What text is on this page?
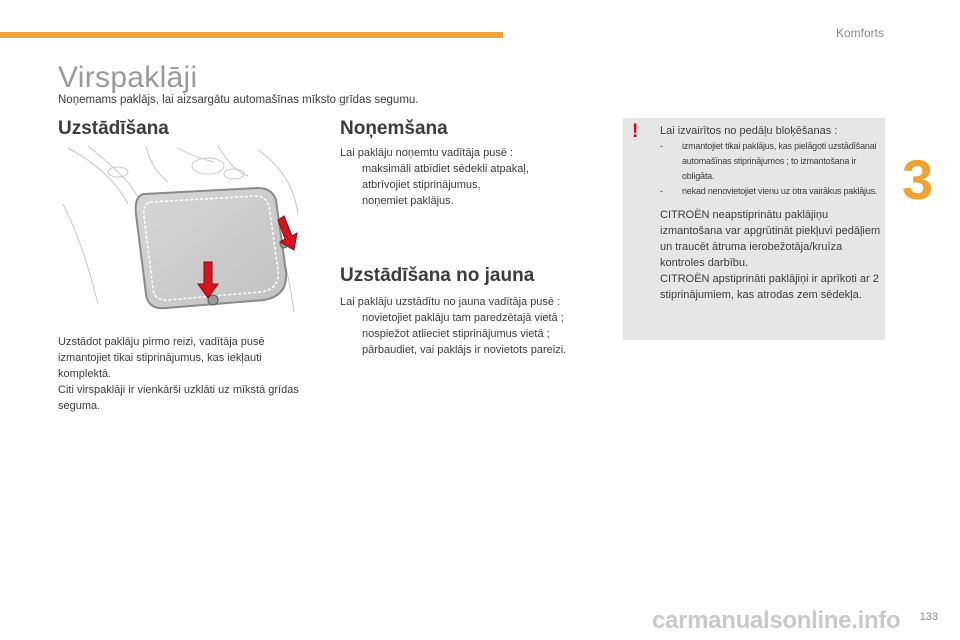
Komforts
3
Virspaklāji
Noņemams paklājs, lai aizsargātu automašīnas mīksto grīdas segumu.
Uzstādīšana	Noņemšana
Uzstādīšana no jauna
Uzstādot paklāju pirmo reizi, vadītāja pusē izmantojiet tikai stiprinājumus, kas iekļauti komplektā.
Citi virspaklāji ir vienkārši uzklāti uz mīkstā grīdas seguma.
Lai paklāju noņemtu vadītāja pusē :
maksimāli atbīdiet sēdekli atpakaļ,
atbrīvojiet stiprinājumus,
noņemiet paklājus.
Lai paklāju uzstādītu no jauna vadītāja pusē :
novietojiet paklāju tam paredzētajā vietā ;
nospiežot atlieciet stiprinājumus vietā ;
pārbaudiet, vai paklājs ir novietots pareizi.
! Lai izvairītos no pedāļu bloķēšanas :
- izmantojiet tikai paklājus, kas pielāgoti uzstādīšanai automašīnas stiprinājumos ; to izmantošana ir obligāta.
- nekad nenovietojiet vienu uz otra vairākus paklājus.
CITROËN neapstiprinātu paklājiņu izmantošana var apgrūtināt piekļuvi pedāļiem un traucēt ātruma ierobežotāja/kruīza kontroles darbību.
CITROËN apstiprināti paklājiņi ir aprīkoti ar 2 stiprinājumiem, kas atrodas zem sēdekļa.
carmanualsonline.info 133
